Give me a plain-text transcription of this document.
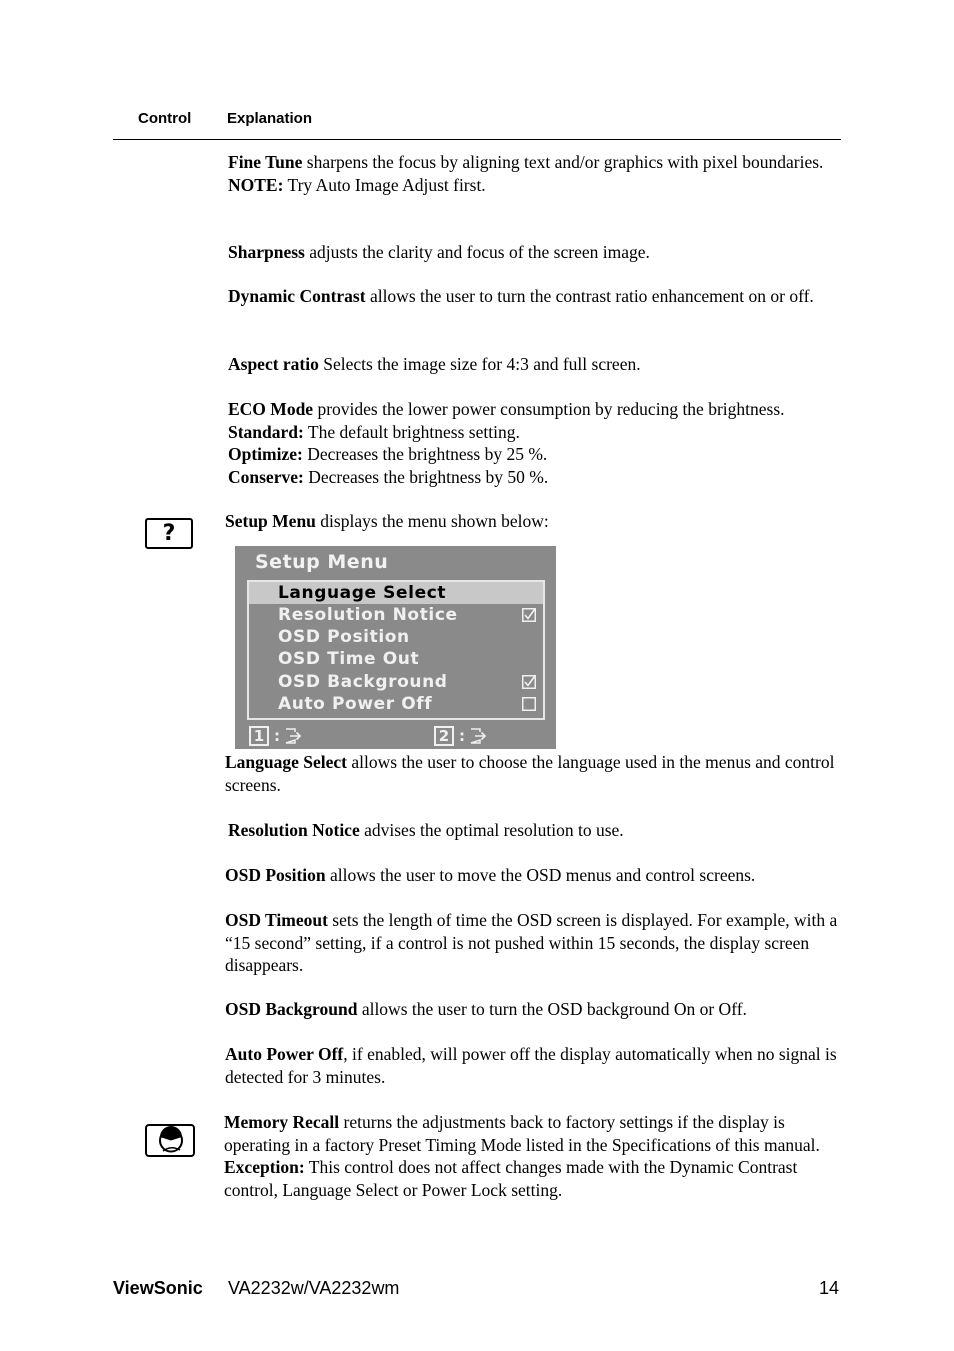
Control Explanation

Fine Tune sharpens the focus by aligning text and/or graphics with pixel boundaries.

NOTE: Try Auto Image Adjust first.

Sharpness adjusts the clarity and focus of the screen image.

Dynamic Contrast allows the user to turn the contrast ratio enhancement on or off.

Aspect ratio Selects the image size for 4:3 and full screen.

ECO Mode provides the lower power consumption by reducing the brightness.

Standard: The default brightness setting.

Optimize: Decreases the brightness by 25 %.

Conserve: Decreases the brightness by 50 %.

?	Setup Menu displays the menu shown below:

Setup Menu
Language Select
Resolution Notice
OSD Position
OSD Time Out
OSD Background
Auto Power Off
1 :	2 :

Language Select allows the user to choose the language used in the menus and control screens.

Resolution Notice advises the optimal resolution to use.

OSD Position allows the user to move the OSD menus and control screens.

OSD Timeout sets the length of time the OSD screen is displayed. For example, with a “15 second” setting, if a control is not pushed within 15 seconds, the display screen disappears.

OSD Background allows the user to turn the OSD background On or Off.

Auto Power Off, if enabled, will power off the display automatically when no signal is detected for 3 minutes.

Memory Recall returns the adjustments back to factory settings if the display is operating in a factory Preset Timing Mode listed in the Specifications of this manual.

Exception: This control does not affect changes made with the Dynamic Contrast control, Language Select or Power Lock setting.

ViewSonic VA2232w/VA2232wm	14
